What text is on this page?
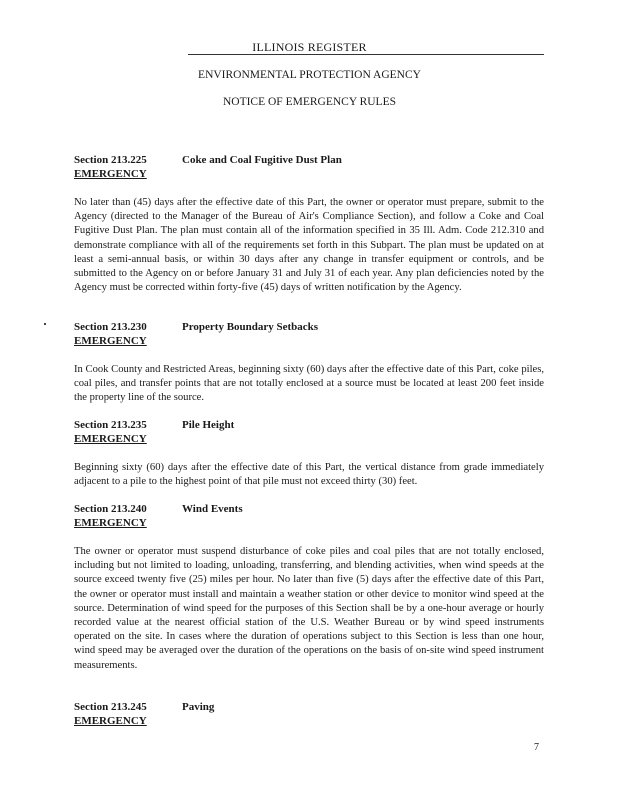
ILLINOIS REGISTER
ENVIRONMENTAL PROTECTION AGENCY
NOTICE OF EMERGENCY RULES
Section 213.225	Coke and Coal Fugitive Dust Plan
EMERGENCY
No later than (45) days after the effective date of this Part, the owner or operator must prepare, submit to the Agency (directed to the Manager of the Bureau of Air's Compliance Section), and follow a Coke and Coal Fugitive Dust Plan. The plan must contain all of the information specified in 35 Ill. Adm. Code 212.310 and demonstrate compliance with all of the requirements set forth in this Subpart. The plan must be updated on at least a semi-annual basis, or within 30 days after any change in transfer equipment or controls, and be submitted to the Agency on or before January 31 and July 31 of each year. Any plan deficiencies noted by the Agency must be corrected within forty-five (45) days of written notification by the Agency.
Section 213.230	Property Boundary Setbacks
EMERGENCY
In Cook County and Restricted Areas, beginning sixty (60) days after the effective date of this Part, coke piles, coal piles, and transfer points that are not totally enclosed at a source must be located at least 200 feet inside the property line of the source.
Section 213.235	Pile Height
EMERGENCY
Beginning sixty (60) days after the effective date of this Part, the vertical distance from grade immediately adjacent to a pile to the highest point of that pile must not exceed thirty (30) feet.
Section 213.240	Wind Events
EMERGENCY
The owner or operator must suspend disturbance of coke piles and coal piles that are not totally enclosed, including but not limited to loading, unloading, transferring, and blending activities, when wind speeds at the source exceed twenty five (25) miles per hour. No later than five (5) days after the effective date of this Part, the owner or operator must install and maintain a weather station or other device to monitor wind speed at the source. Determination of wind speed for the purposes of this Section shall be by a one-hour average or hourly recorded value at the nearest official station of the U.S. Weather Bureau or by wind speed instruments operated on the site. In cases where the duration of operations subject to this Section is less than one hour, wind speed may be averaged over the duration of the operations on the basis of on-site wind speed instrument measurements.
Section 213.245	Paving
EMERGENCY
7
